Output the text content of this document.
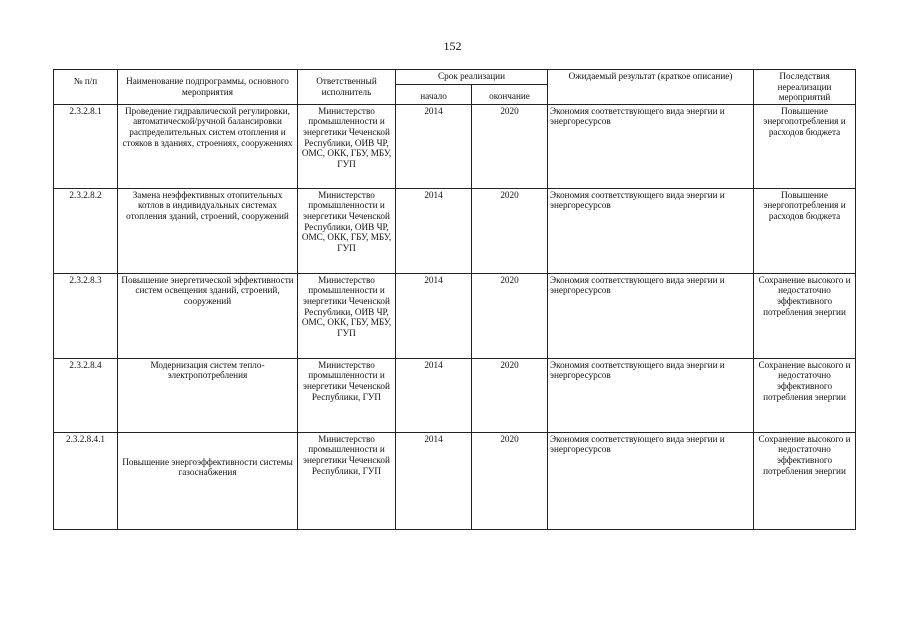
152
№ п/п	Наименование подпрограммы, основного мероприятия	Ответственный исполнитель	Срок реализации		Ожидаемый результат (краткое описание)	Последствия нереализации мероприятий
			начало	окончание		
2.3.2.8.1	Проведение гидравлической регулировки, автоматической/ручной балансировки распределительных систем отопления и стояков в зданиях, строениях, сооружениях	Министерство промышленности и энергетики Чеченской Республики, ОИВ ЧР, ОМС, ОКК, ГБУ, МБУ, ГУП	2014	2020	Экономия соответствующего вида энергии и энергоресурсов	Повышение энергопотребления и расходов бюджета
2.3.2.8.2	Замена неэффективных отопительных котлов в индивидуальных системах отопления зданий, строений, сооружений	Министерство промышленности и энергетики Чеченской Республики, ОИВ ЧР, ОМС, ОКК, ГБУ, МБУ, ГУП	2014	2020	Экономия соответствующего вида энергии и энергоресурсов	Повышение энергопотребления и расходов бюджета
2.3.2.8.3	Повышение энергетической эффективности систем освещения зданий, строений, сооружений	Министерство промышленности и энергетики Чеченской Республики, ОИВ ЧР, ОМС, ОКК, ГБУ, МБУ, ГУП	2014	2020	Экономия соответствующего вида энергии и энергоресурсов	Сохранение высокого и недостаточно эффективного потребления энергии
2.3.2.8.4	Модернизация систем тепло-электропотребления	Министерство промышленности и энергетики Чеченской Республики, ГУП	2014	2020	Экономия соответствующего вида энергии и энергоресурсов	Сохранение высокого и недостаточно эффективного потребления энергии
2.3.2.8.4.1	Повышение энергоэффективности системы газоснабжения	Министерство промышленности и энергетики Чеченской Республики, ГУП	2014	2020	Экономия соответствующего вида энергии и энергоресурсов	Сохранение высокого и недостаточно эффективного потребления энергии
